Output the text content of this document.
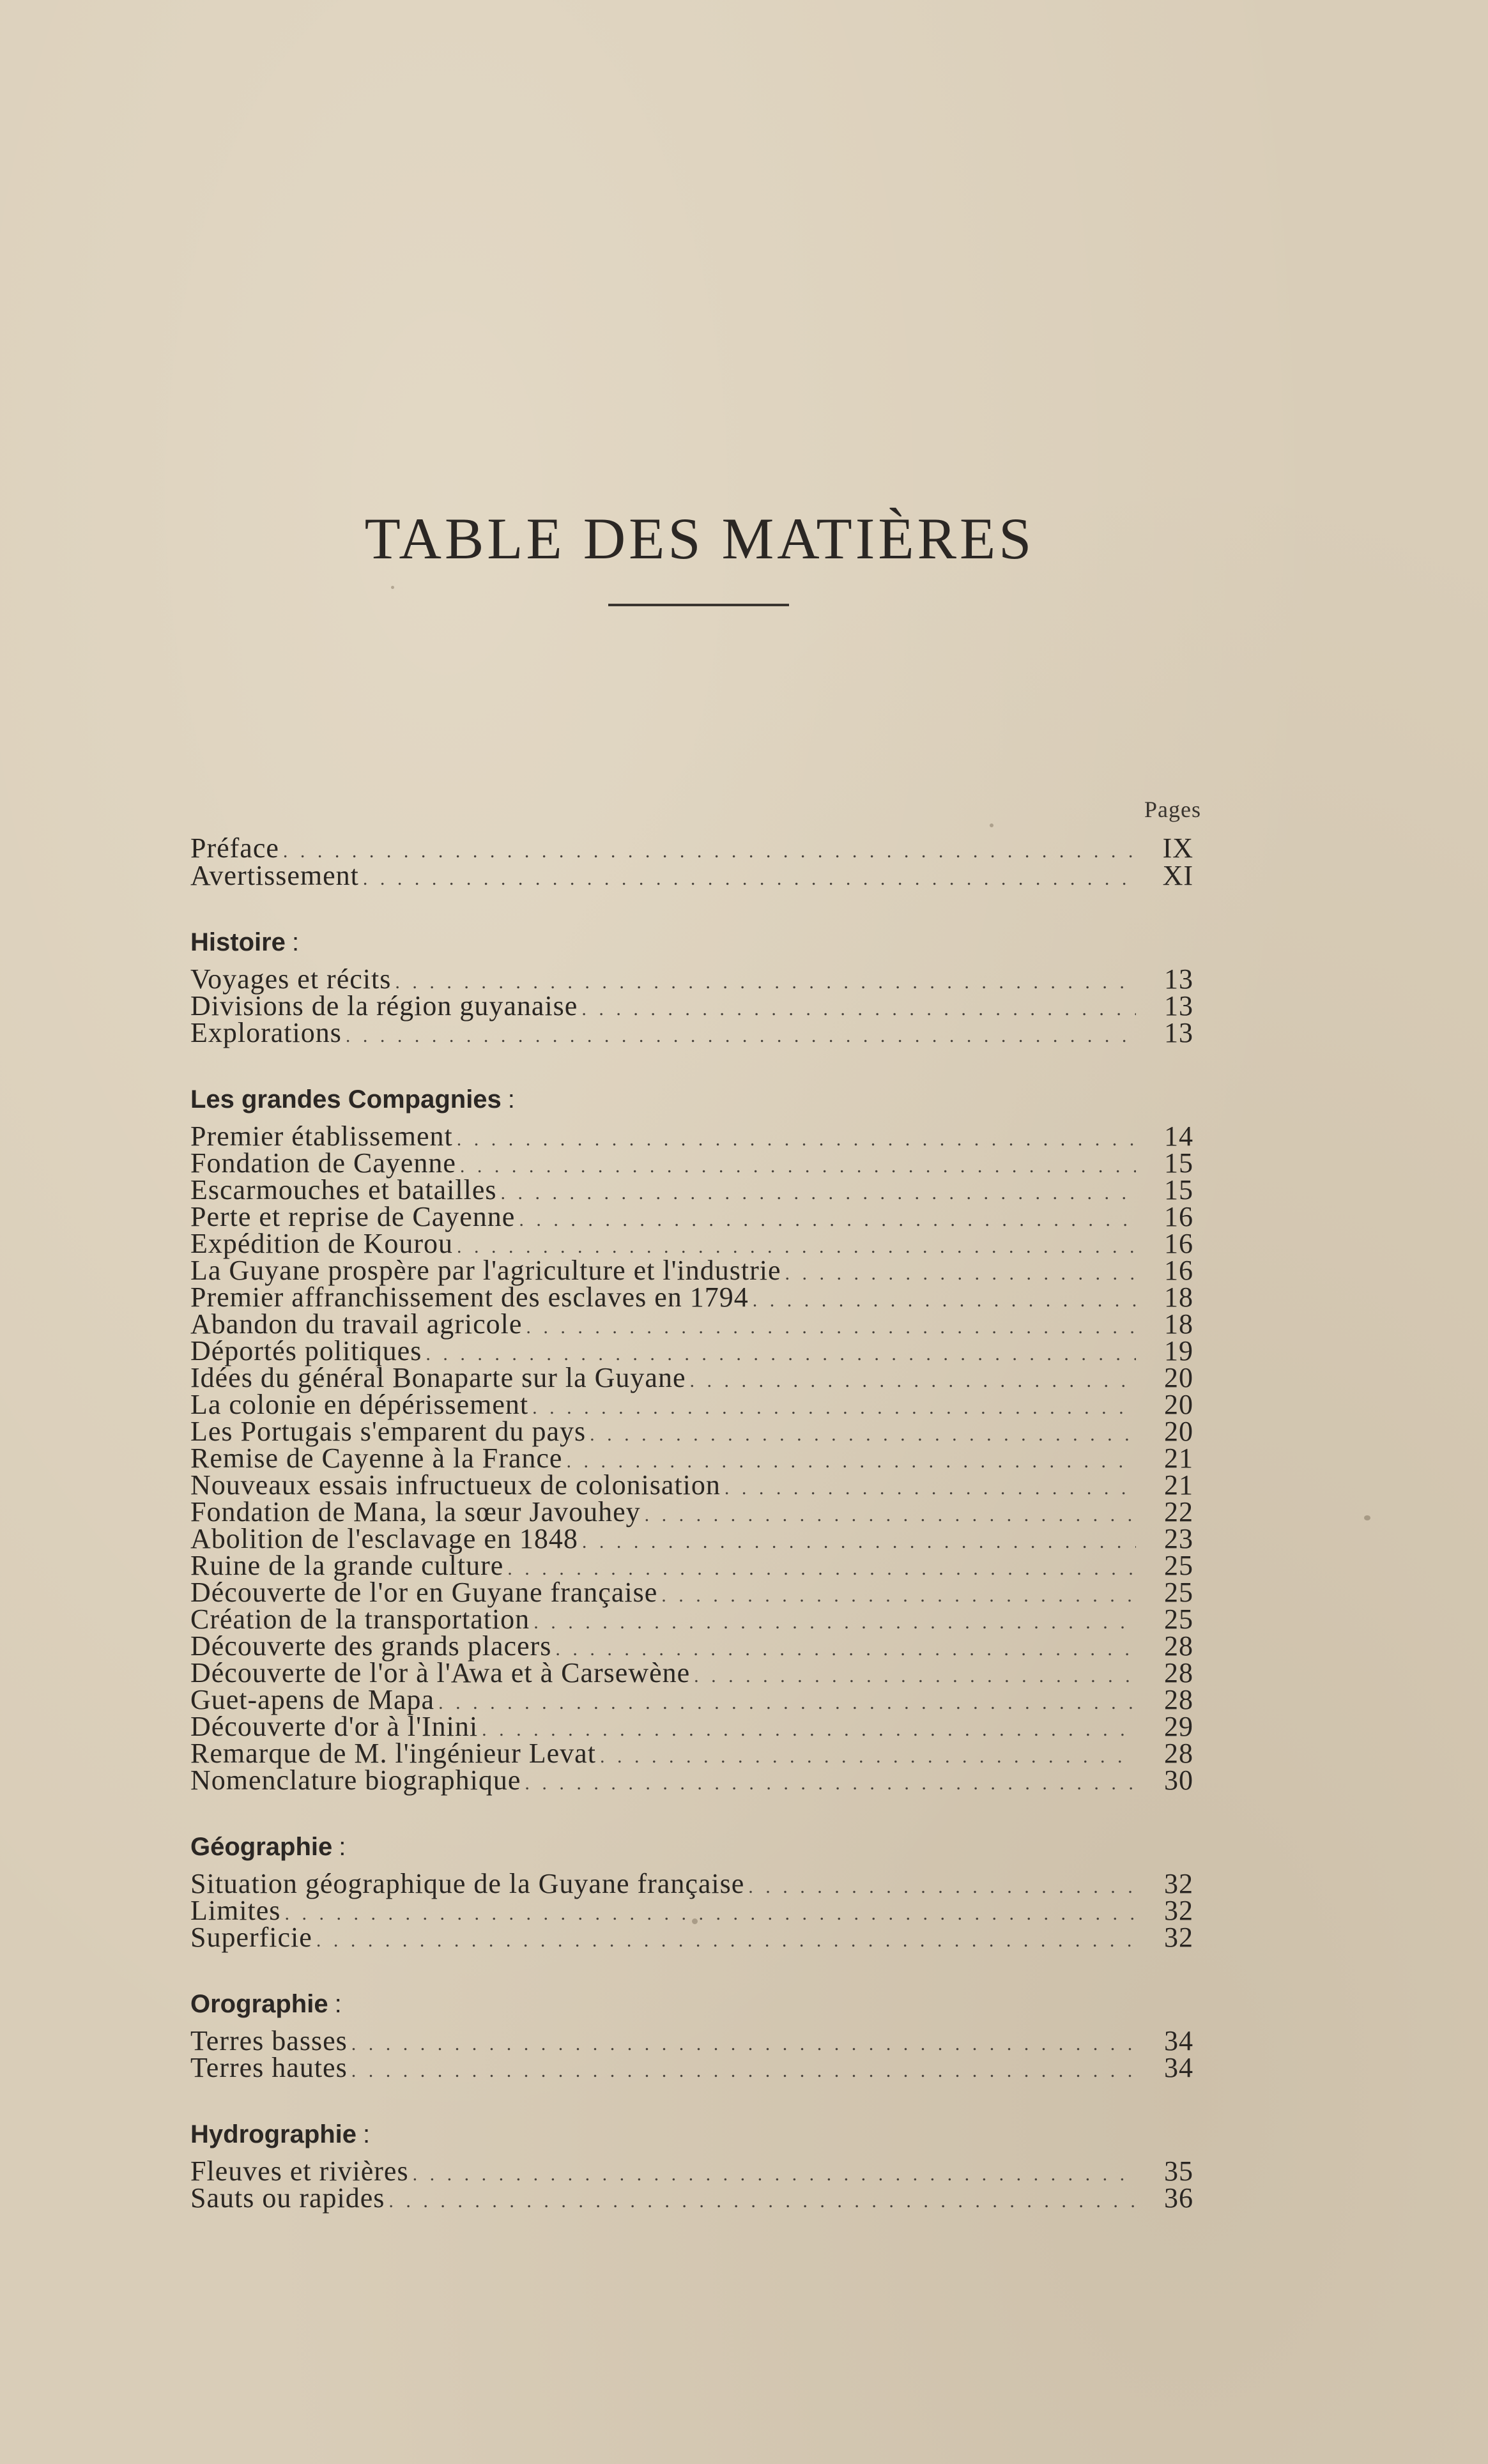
TABLE DES MATIÈRES
Pages
Préface . . .	IX
Avertissement . . .	XI
Histoire :
Voyages et récits . . .	13
Divisions de la région guyanaise . . .	13
Explorations . . .	13
Les grandes Compagnies :
Premier établissement . . .	14
Fondation de Cayenne . . .	15
Escarmouches et batailles . . .	15
Perte et reprise de Cayenne . . .	16
Expédition de Kourou . . .	16
La Guyane prospère par l'agriculture et l'industrie . . .	16
Premier affranchissement des esclaves en 1794 . . .	18
Abandon du travail agricole . . .	18
Déportés politiques . . .	19
Idées du général Bonaparte sur la Guyane . . .	20
La colonie en dépérissement . . .	20
Les Portugais s'emparent du pays . . .	20
Remise de Cayenne à la France . . .	21
Nouveaux essais infructueux de colonisation . . .	21
Fondation de Mana, la sœur Javouhey . . .	22
Abolition de l'esclavage en 1848 . . .	23
Ruine de la grande culture . . .	25
Découverte de l'or en Guyane française . . .	25
Création de la transportation . . .	25
Découverte des grands placers . . .	28
Découverte de l'or à l'Awa et à Carsewène . . .	28
Guet-apens de Mapa . . .	28
Découverte d'or à l'Inini . . .	29
Remarque de M. l'ingénieur Levat . . .	28
Nomenclature biographique . . .	30
Géographie :
Situation géographique de la Guyane française . . .	32
Limites . . .	32
Superficie . . .	32
Orographie :
Terres basses . . .	34
Terres hautes . . .	34
Hydrographie :
Fleuves et rivières . . .	35
Sauts ou rapides . . .	36
